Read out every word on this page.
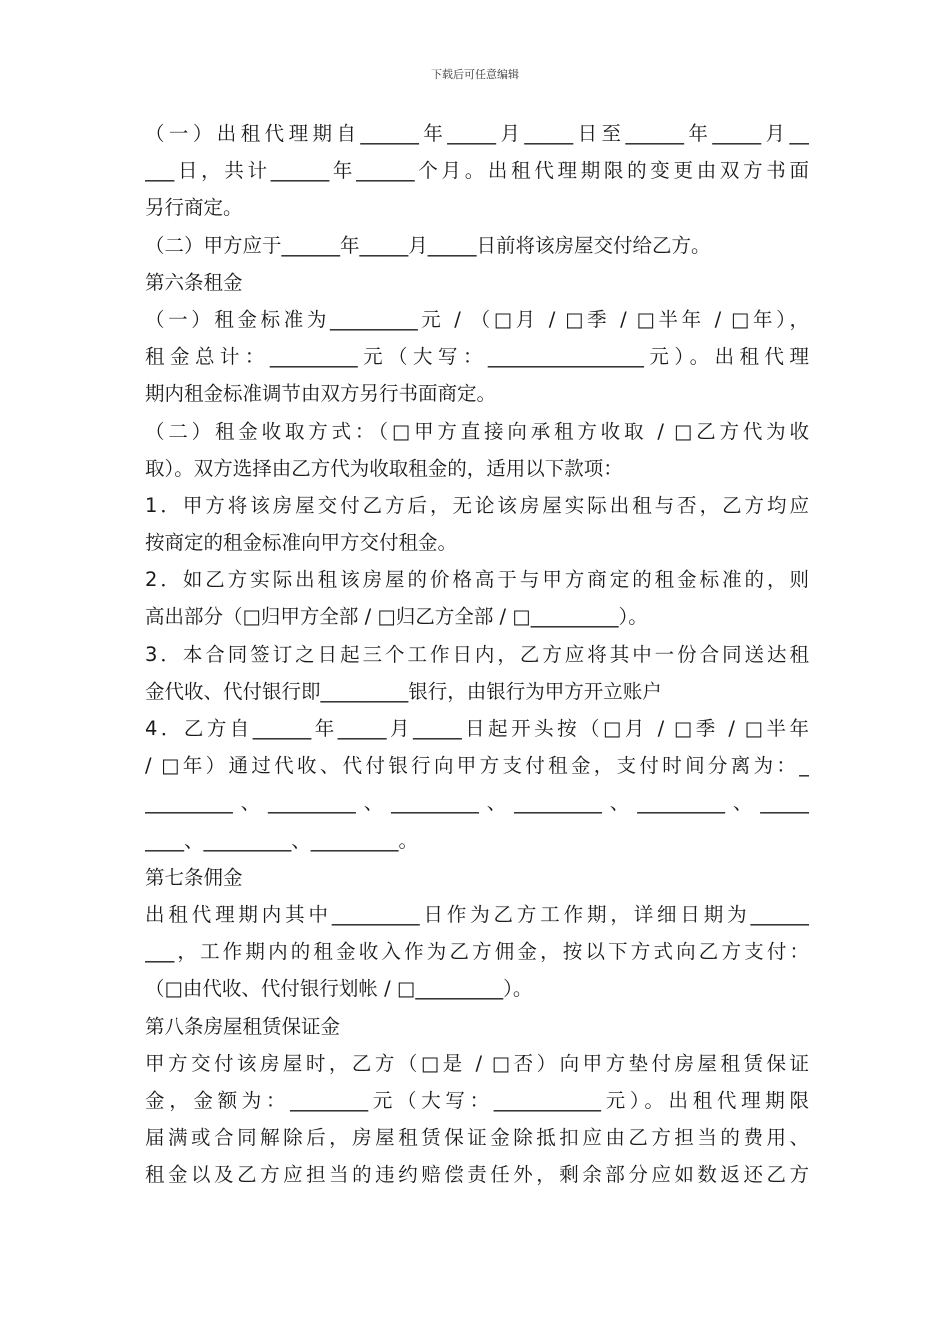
下载后可任意编辑
（一）出租代理期自______年_____月_____日至______年_____月__
___日，共计______年______个月。出租代理期限的变更由双方书面
另行商定。
（二）甲方应于______年_____月_____日前将该房屋交付给乙方。
第六条租金
（一）租金标准为_________元 / （□月 / □季 / □半年 / □年），
租金总计：_________元（大写：________________元）。出租代理
期内租金标准调节由双方另行书面商定。
（二）租金收取方式：（□甲方直接向承租方收取 / □乙方代为收
取）。双方选择由乙方代为收取租金的，适用以下款项：
1．甲方将该房屋交付乙方后，无论该房屋实际出租与否，乙方均应
按商定的租金标准向甲方交付租金。
2．如乙方实际出租该房屋的价格高于与甲方商定的租金标准的，则
高出部分（□归甲方全部 / □归乙方全部 / □_________）。
3．本合同签订之日起三个工作日内，乙方应将其中一份合同送达租
金代收、代付银行即_________银行，由银行为甲方开立账户
4．乙方自______年_____月_____日起开头按（□月 / □季 / □半年
/ □年）通过代收、代付银行向甲方支付租金，支付时间分离为：_
_________、_________、_________、_________、_________、_____
____、_________、_________。
第七条佣金
出租代理期内其中_________日作为乙方工作期，详细日期为______
___，工作期内的租金收入作为乙方佣金，按以下方式向乙方支付：
（□由代收、代付银行划帐 / □_________）。
第八条房屋租赁保证金
甲方交付该房屋时，乙方（□是 / □否）向甲方垫付房屋租赁保证
金，金额为：________元（大写：___________元）。出租代理期限
届满或合同解除后，房屋租赁保证金除抵扣应由乙方担当的费用、
租金以及乙方应担当的违约赔偿责任外，剩余部分应如数返还乙方
